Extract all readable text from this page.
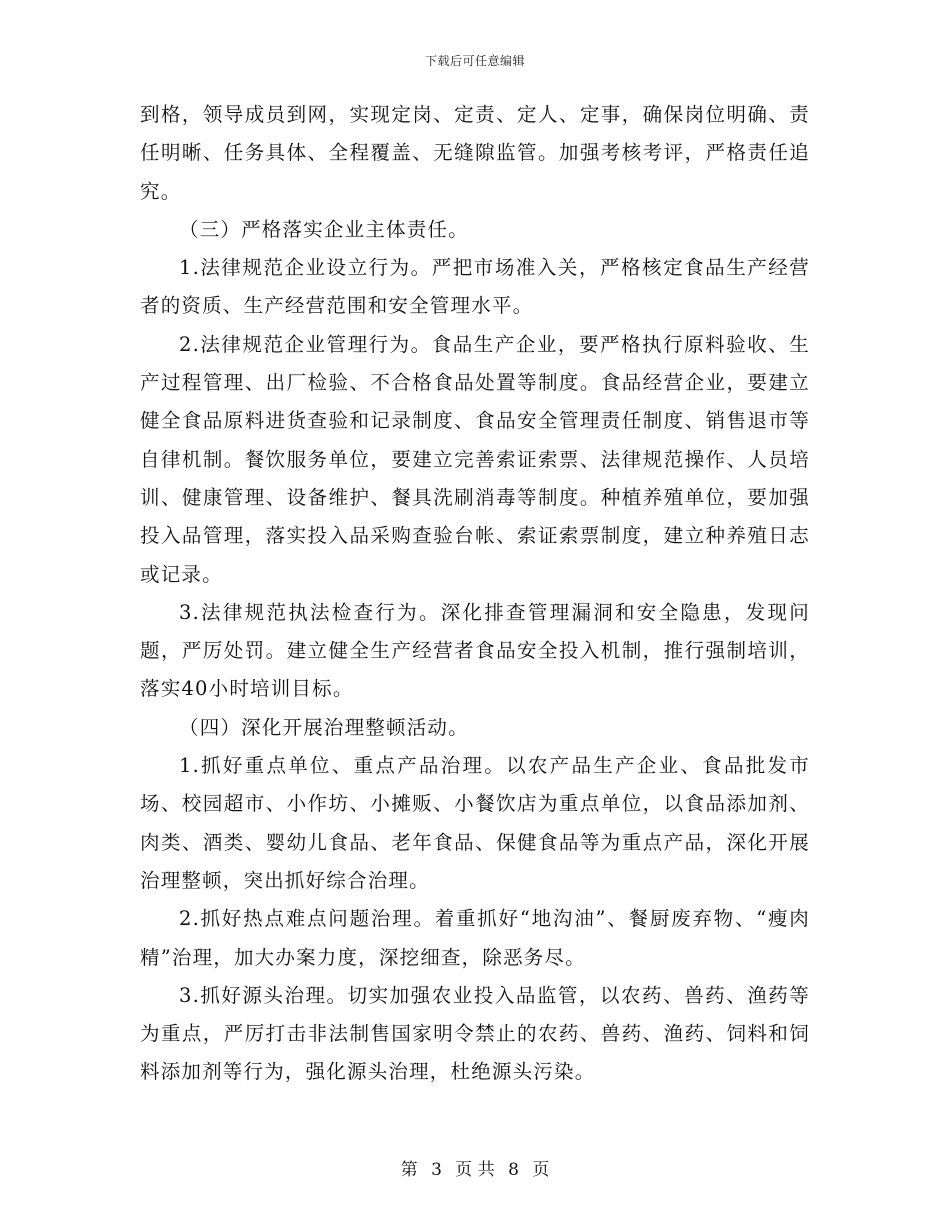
下载后可任意编辑

到格，领导成员到网，实现定岗、定责、定人、定事，确保岗位明确、责任明晰、任务具体、全程覆盖、无缝隙监管。加强考核考评，严格责任追究。

（三）严格落实企业主体责任。

1.法律规范企业设立行为。严把市场准入关，严格核定食品生产经营者的资质、生产经营范围和安全管理水平。

2.法律规范企业管理行为。食品生产企业，要严格执行原料验收、生产过程管理、出厂检验、不合格食品处置等制度。食品经营企业，要建立健全食品原料进货查验和记录制度、食品安全管理责任制度、销售退市等自律机制。餐饮服务单位，要建立完善索证索票、法律规范操作、人员培训、健康管理、设备维护、餐具洗刷消毒等制度。种植养殖单位，要加强投入品管理，落实投入品采购查验台帐、索证索票制度，建立种养殖日志或记录。

3.法律规范执法检查行为。深化排查管理漏洞和安全隐患，发现问题，严厉处罚。建立健全生产经营者食品安全投入机制，推行强制培训，落实40小时培训目标。

（四）深化开展治理整顿活动。

1.抓好重点单位、重点产品治理。以农产品生产企业、食品批发市场、校园超市、小作坊、小摊贩、小餐饮店为重点单位，以食品添加剂、肉类、酒类、婴幼儿食品、老年食品、保健食品等为重点产品，深化开展治理整顿，突出抓好综合治理。

2.抓好热点难点问题治理。着重抓好“地沟油”、餐厨废弃物、“瘦肉精”治理，加大办案力度，深挖细查，除恶务尽。

3.抓好源头治理。切实加强农业投入品监管，以农药、兽药、渔药等为重点，严厉打击非法制售国家明令禁止的农药、兽药、渔药、饲料和饲料添加剂等行为，强化源头治理，杜绝源头污染。

第 3 页 共 8 页
